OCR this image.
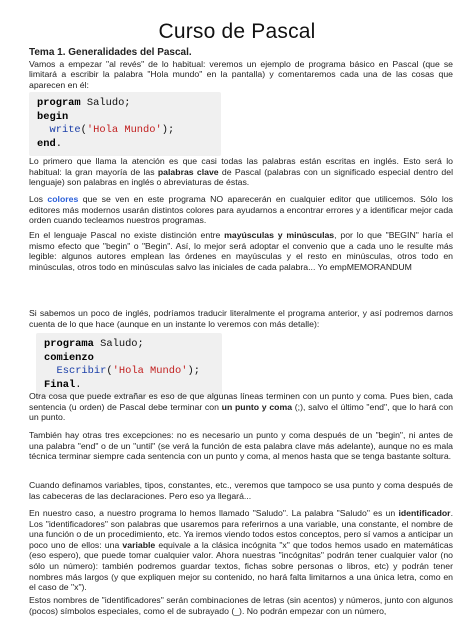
Curso de Pascal
Tema 1. Generalidades del Pascal.
Vamos a empezar "al revés" de lo habitual: veremos un ejemplo de programa básico en Pascal (que se limitará a escribir la palabra "Hola mundo" en la pantalla) y comentaremos cada una de las cosas que aparecen en él:
program Saludo;
begin
write('Hola Mundo');
end.
Lo primero que llama la atención es que casi todas las palabras están escritas en inglés. Esto será lo habitual: la gran mayoría de las palabras clave de Pascal (palabras con un significado especial dentro del lenguaje) son palabras en inglés o abreviaturas de éstas.
Los colores que se ven en este programa NO aparecerán en cualquier editor que utilicemos. Sólo los editores más modernos usarán distintos colores para ayudarnos a encontrar errores y a identificar mejor cada orden cuando tecleamos nuestros programas.
En el lenguaje Pascal no existe distinción entre mayúsculas y minúsculas, por lo que "BEGIN" haría el mismo efecto que "begin" o "Begin". Así, lo mejor será adoptar el convenio que a cada uno le resulte más legible: algunos autores emplean las órdenes en mayúsculas y el resto en minúsculas, otros todo en minúsculas, otros todo en minúsculas salvo las iniciales de cada palabra... Yo empMEMORANDUM
Si sabemos un poco de inglés, podríamos traducir literalmente el programa anterior, y así podremos darnos cuenta de lo que hace (aunque en un instante lo veremos con más detalle):
programa Saludo;
comienzo
Escribir('Hola Mundo');
Final.
Otra cosa que puede extrañar es eso de que algunas líneas terminen con un punto y coma. Pues bien, cada sentencia (u orden) de Pascal debe terminar con un punto y coma (;), salvo el último "end", que lo hará con un punto.
También hay otras tres excepciones: no es necesario un punto y coma después de un "begin", ni antes de una palabra "end" o de un "until" (se verá la función de esta palabra clave más adelante), aunque no es mala técnica terminar siempre cada sentencia con un punto y coma, al menos hasta que se tenga bastante soltura.
Cuando definamos variables, tipos, constantes, etc., veremos que tampoco se usa punto y coma después de las cabeceras de las declaraciones. Pero eso ya llegará...
En nuestro caso, a nuestro programa lo hemos llamado "Saludo". La palabra "Saludo" es un identificador. Los "identificadores" son palabras que usaremos para referirnos a una variable, una constante, el nombre de una función o de un procedimiento, etc. Ya iremos viendo todos estos conceptos, pero sí vamos a anticipar un poco uno de ellos: una variable equivale a la clásica incógnita "x" que todos hemos usado en matemáticas (eso espero), que puede tomar cualquier valor. Ahora nuestras "incógnitas" podrán tener cualquier valor (no sólo un número): también podremos guardar textos, fichas sobre personas o libros, etc) y podrán tener nombres más largos (y que expliquen mejor su contenido, no hará falta limitarnos a una única letra, como en el caso de "x").
Estos nombres de "identificadores" serán combinaciones de letras (sin acentos) y números, junto con algunos (pocos) símbolos especiales, como el de subrayado (_). No podrán empezar con un número,
